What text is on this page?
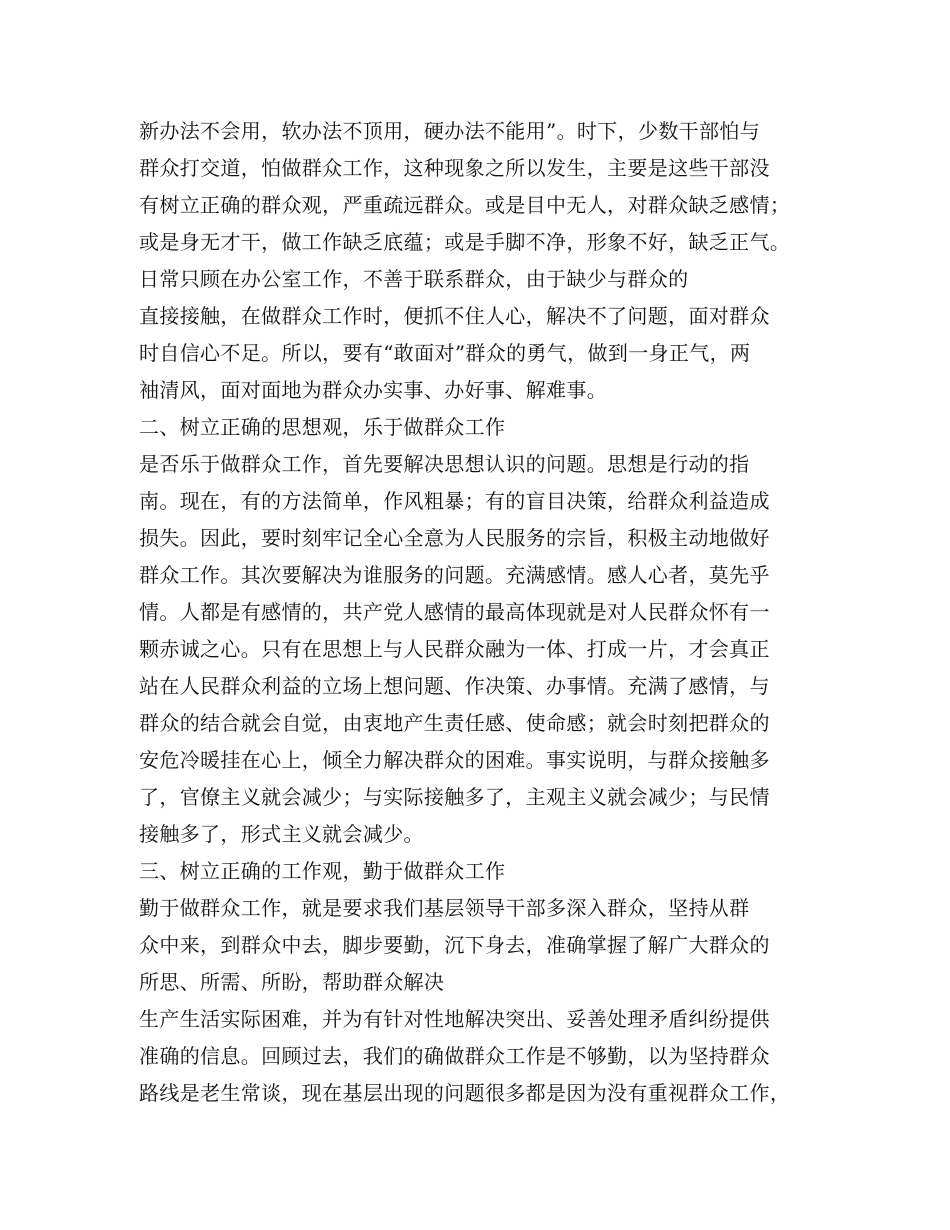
新办法不会用，软办法不顶用，硬办法不能用”。时下，少数干部怕与
群众打交道，怕做群众工作，这种现象之所以发生，主要是这些干部没
有树立正确的群众观，严重疏远群众。或是目中无人，对群众缺乏感情；
或是身无才干，做工作缺乏底蕴；或是手脚不净，形象不好，缺乏正气。
日常只顾在办公室工作，不善于联系群众，由于缺少与群众的
直接接触，在做群众工作时，便抓不住人心，解决不了问题，面对群众
时自信心不足。所以，要有“敢面对”群众的勇气，做到一身正气，两
袖清风，面对面地为群众办实事、办好事、解难事。
二、树立正确的思想观，乐于做群众工作
是否乐于做群众工作，首先要解决思想认识的问题。思想是行动的指
南。现在，有的方法简单，作风粗暴；有的盲目决策，给群众利益造成
损失。因此，要时刻牢记全心全意为人民服务的宗旨，积极主动地做好
群众工作。其次要解决为谁服务的问题。充满感情。感人心者，莫先乎
情。人都是有感情的，共产党人感情的最高体现就是对人民群众怀有一
颗赤诚之心。只有在思想上与人民群众融为一体、打成一片，才会真正
站在人民群众利益的立场上想问题、作决策、办事情。充满了感情，与
群众的结合就会自觉，由衷地产生责任感、使命感；就会时刻把群众的
安危冷暖挂在心上，倾全力解决群众的困难。事实说明，与群众接触多
了，官僚主义就会减少；与实际接触多了，主观主义就会减少；与民情
接触多了，形式主义就会减少。
三、树立正确的工作观，勤于做群众工作
勤于做群众工作，就是要求我们基层领导干部多深入群众，坚持从群
众中来，到群众中去，脚步要勤，沉下身去，准确掌握了解广大群众的
所思、所需、所盼，帮助群众解决
生产生活实际困难，并为有针对性地解决突出、妥善处理矛盾纠纷提供
准确的信息。回顾过去，我们的确做群众工作是不够勤，以为坚持群众
路线是老生常谈，现在基层出现的问题很多都是因为没有重视群众工作，
